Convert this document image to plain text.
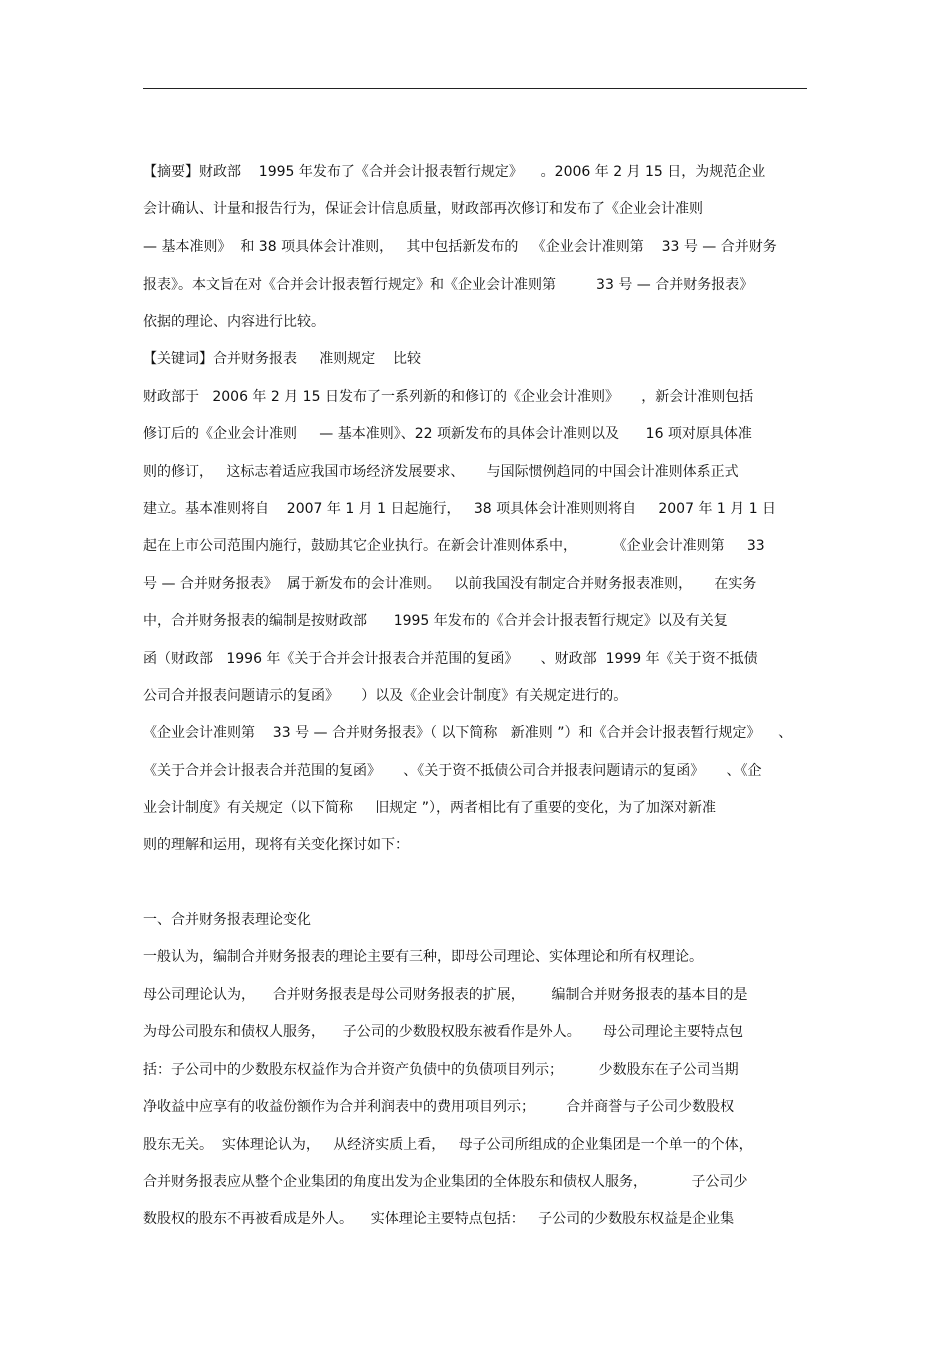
【摘要】财政部    1995 年发布了《合并会计报表暂行规定》    。2006 年 2 月 15 日，为规范企业
会计确认、计量和报告行为，保证会计信息质量，财政部再次修订和发布了《企业会计准则
— 基本准则》  和 38 项具体会计准则，   其中包括新发布的   《企业会计准则第    33 号 — 合并财务
报表》。本文旨在对《合并会计报表暂行规定》和《企业会计准则第         33 号 — 合并财务报表》
依据的理论、内容进行比较。
【关键词】合并财务报表     准则规定    比较
财政部于   2006 年 2 月 15 日发布了一系列新的和修订的《企业会计准则》     ，新会计准则包括
修订后的《企业会计准则     — 基本准则》、22 项新发布的具体会计准则以及      16 项对原具体准
则的修订，   这标志着适应我国市场经济发展要求、     与国际惯例趋同的中国会计准则体系正式
建立。基本准则将自    2007 年 1 月 1 日起施行，   38 项具体会计准则则将自     2007 年 1 月 1 日
起在上市公司范围内施行，鼓励其它企业执行。在新会计准则体系中，        《企业会计准则第     33
号 — 合并财务报表》  属于新发布的会计准则。   以前我国没有制定合并财务报表准则，     在实务
中，合并财务报表的编制是按财政部      1995 年发布的《合并会计报表暂行规定》以及有关复
函（财政部   1996 年《关于合并会计报表合并范围的复函》     、财政部  1999 年《关于资不抵债
公司合并报表问题请示的复函》     ）以及《企业会计制度》有关规定进行的。
《企业会计准则第    33 号 — 合并财务报表》（ 以下简称   新准则 ”）和《合并会计报表暂行规定》    、
《关于合并会计报表合并范围的复函》     、《关于资不抵债公司合并报表问题请示的复函》     、《企
业会计制度》有关规定（以下简称     旧规定 ”），两者相比有了重要的变化，为了加深对新准
则的理解和运用，现将有关变化探讨如下：
一、合并财务报表理论变化
一般认为，编制合并财务报表的理论主要有三种，即母公司理论、实体理论和所有权理论。
母公司理论认为，    合并财务报表是母公司财务报表的扩展，      编制合并财务报表的基本目的是
为母公司股东和债权人服务，    子公司的少数股权股东被看作是外人。     母公司理论主要特点包
括：子公司中的少数股东权益作为合并资产负债中的负债项目列示；        少数股东在子公司当期
净收益中应享有的收益份额作为合并利润表中的费用项目列示；       合并商誉与子公司少数股权
股东无关。  实体理论认为，   从经济实质上看，   母子公司所组成的企业集团是一个单一的个体，
合并财务报表应从整个企业集团的角度出发为企业集团的全体股东和债权人服务，          子公司少
数股权的股东不再被看成是外人。    实体理论主要特点包括：   子公司的少数股东权益是企业集
